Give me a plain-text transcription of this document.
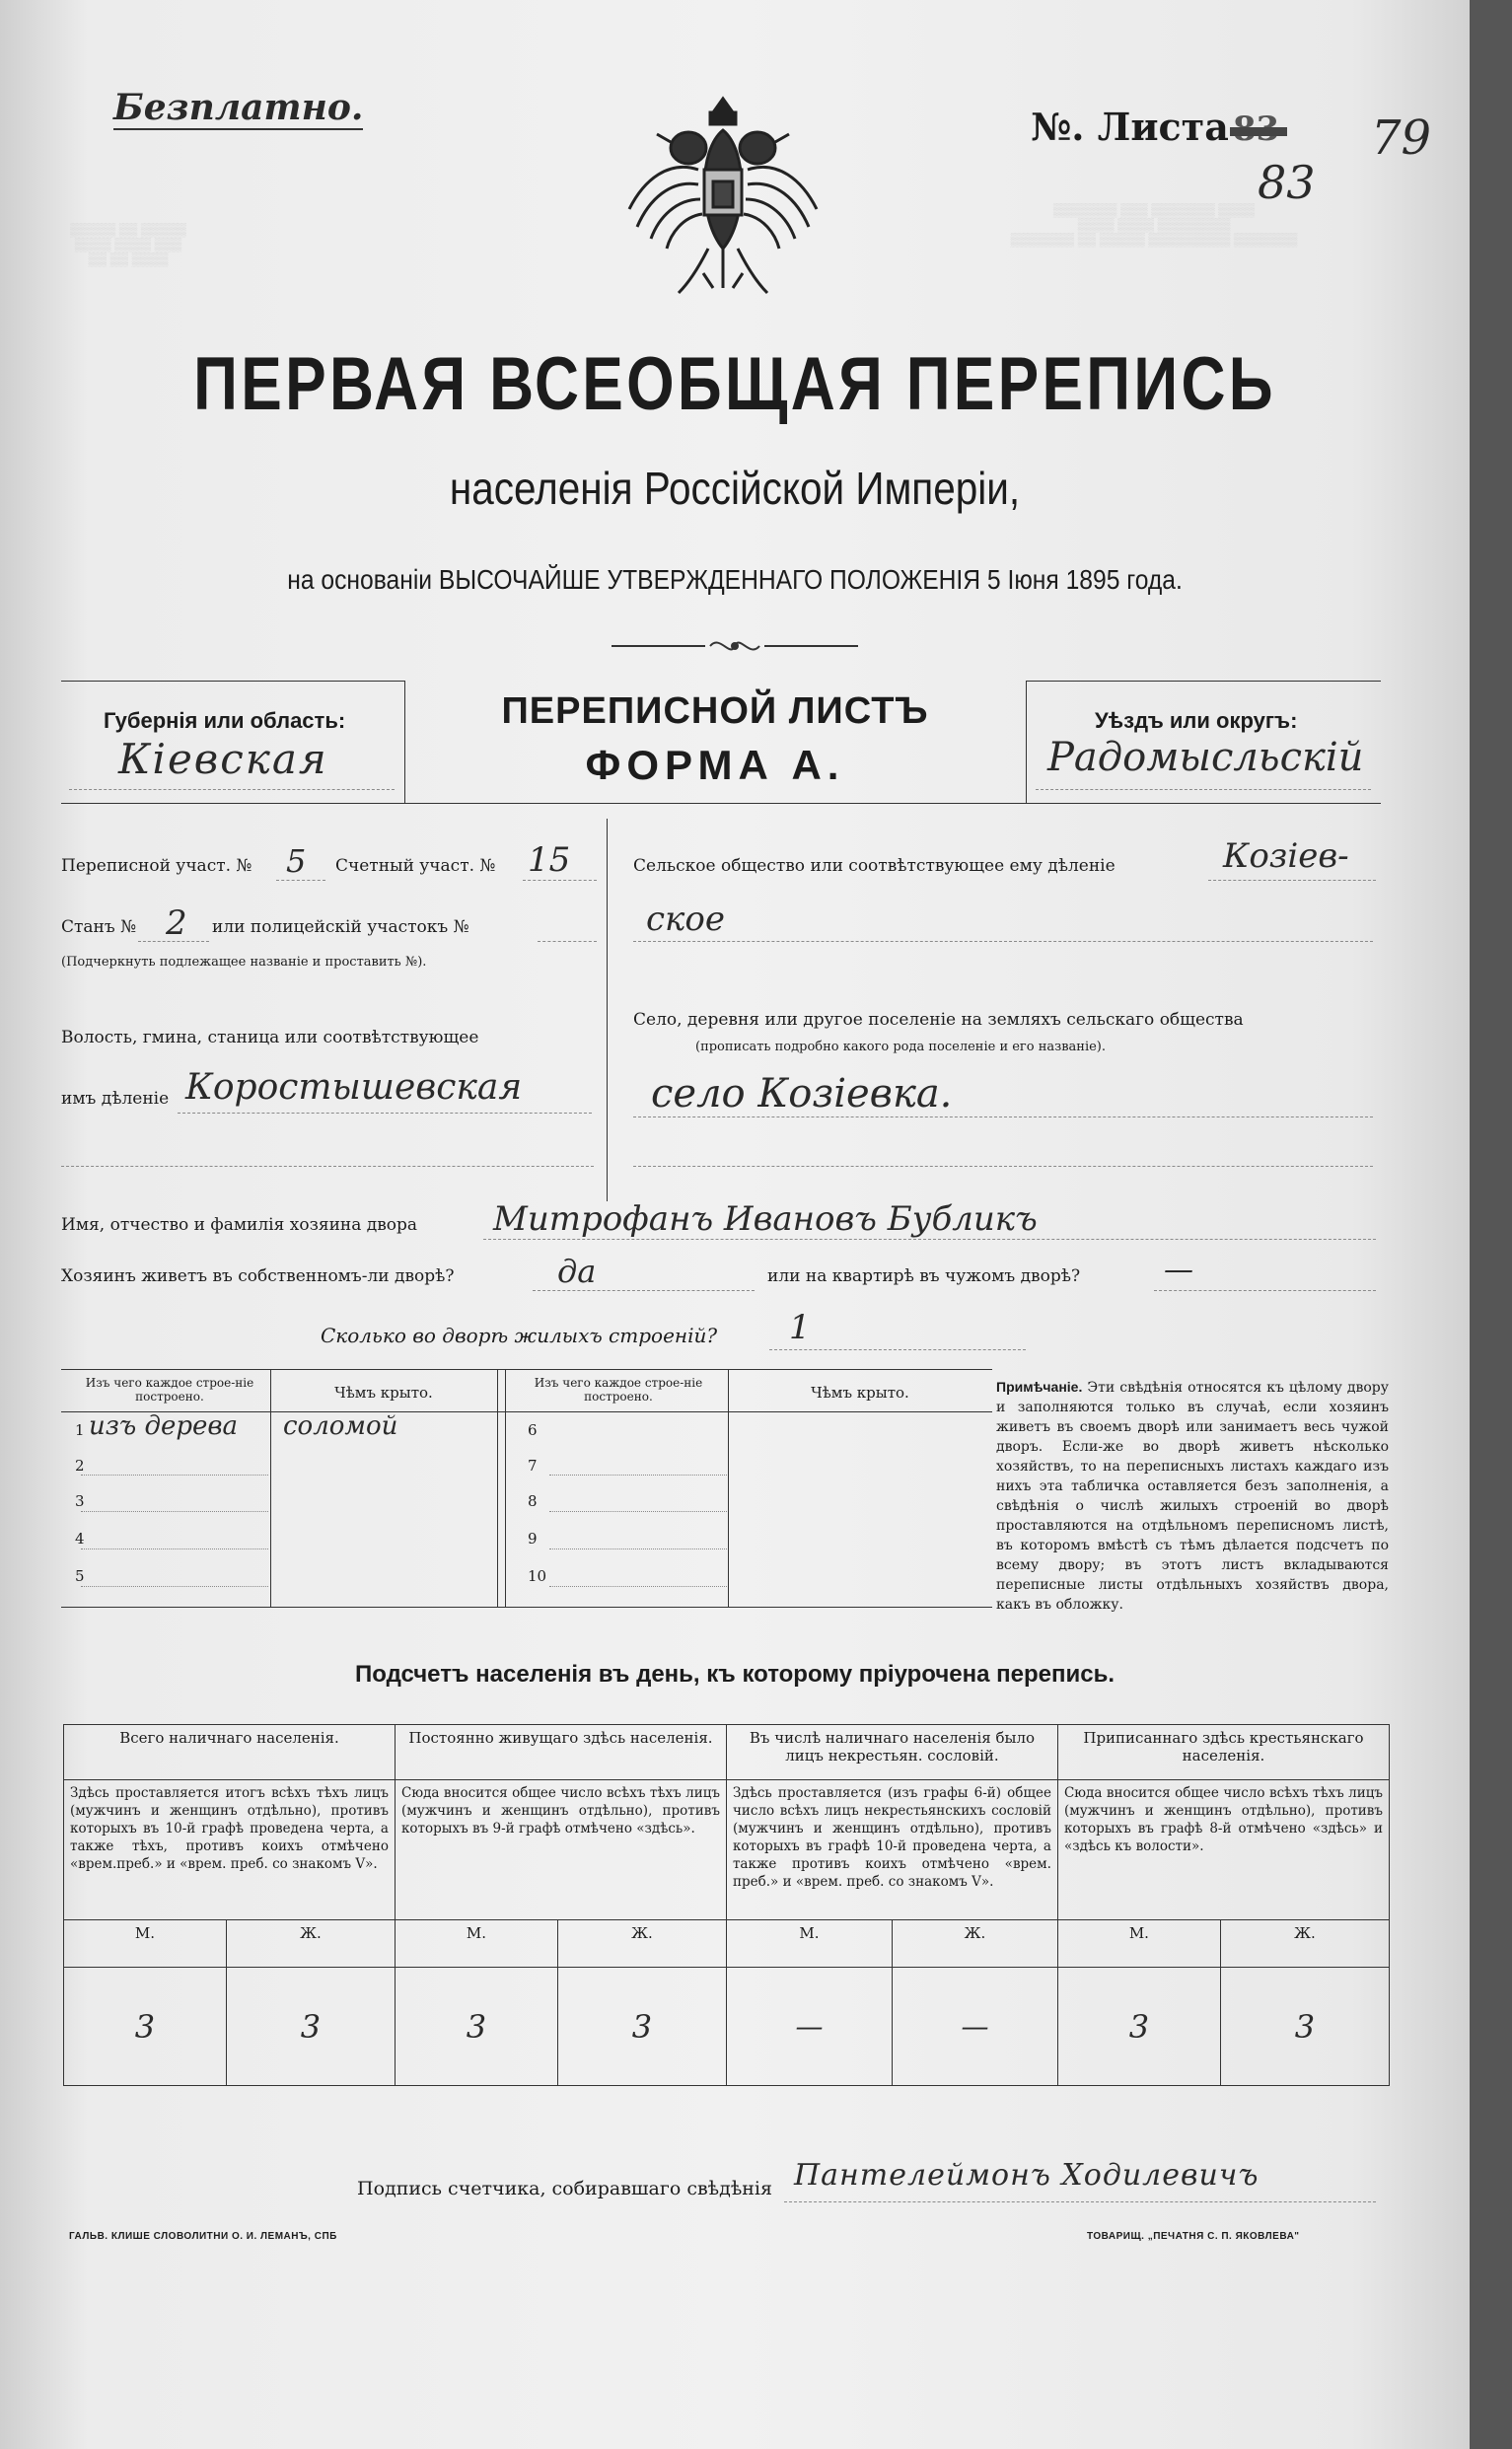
▒▒▒▒▒ ▒▒ ▒▒▒▒▒
▒▒▒▒ ▒▒▒▒ ▒▒▒
▒▒ ▒▒ ▒▒▒▒
▒▒▒▒▒▒▒ ▒▒▒ ▒▒▒▒▒▒▒ ▒▒▒▒
▒▒▒▒ ▒▒▒▒ ▒▒▒▒▒▒▒▒
▒▒▒▒▒▒▒ ▒▒ ▒▒▒▒▒ ▒▒▒▒▒▒▒▒▒ ▒▒▒▒▒▒▒
Безплатно.	№. Листа	79
83
ПЕРВАЯ ВСЕОБЩАЯ ПЕРЕПИСЬ
населенія Россійской Имперіи,
на основаніи ВЫСОЧАЙШЕ УТВЕРЖДЕННАГО ПОЛОЖЕНІЯ 5 Іюня 1895 года.
Губернія или область:
Кіевская
ПЕРЕПИСНОЙ ЛИСТЪ
ФОРМА А.
Уѣздъ или округъ:
Радомысльскій
Переписной участ. № 5 Счетный участ. № 15
Станъ № 2 или полицейскій участокъ №
(Подчеркнуть подлежащее названіе и проставить №).
Волость, гмина, станица или соотвѣтствующее
имъ дѣленіе Коростышевская
Сельское общество или соотвѣтствующее ему дѣленіе	Козіев-
ское
Село, деревня или другое поселеніе на земляхъ сельскаго общества
(прописать подробно какого рода поселеніе и его названіе).
село Козіевка.
Имя, отчество и фамилія хозяина двора Митрофанъ Ивановъ Бубликъ
Хозяинъ живетъ въ собственномъ-ли дворѣ?	да	или на квартирѣ въ чужомъ дворѣ?	—
Сколько во дворѣ жилыхъ строеній? 1
Изъ чего каждое строе-ніе построено.	Чѣмъ крыто.
Изъ чего каждое строе-ніе построено.	Чѣмъ крыто.
1 изъ дерева соломой
2
3
4
5
6
7
8
9
10
Примѣчаніе. Эти свѣдѣнія относятся къ цѣлому двору и заполняются только въ случаѣ, если хозяинъ живетъ въ своемъ дворѣ или занимаетъ весь чужой дворъ. Если-же во дворѣ живетъ нѣсколько хозяйствъ, то на переписныхъ листахъ каждаго изъ нихъ эта табличка оставляется безъ заполненія, а свѣдѣнія о числѣ жилыхъ строеній во дворѣ проставляются на отдѣльномъ переписномъ листѣ, въ которомъ вмѣстѣ съ тѣмъ дѣлается подсчетъ по всему двору; въ этотъ листъ вкладываются переписные листы отдѣльныхъ хозяйствъ двора, какъ въ обложку.
Подсчетъ населенія въ день, къ которому пріурочена перепись.
Всего наличнаго населенія.		Постоянно живущаго здѣсь населенія.		Въ числѣ наличнаго населенія было лицъ некрестьян. сословій.		Приписаннаго здѣсь крестьянскаго населенія.	
Здѣсь проставляется итогъ всѣхъ тѣхъ лицъ (мужчинъ и женщинъ отдѣльно), противъ которыхъ въ 10-й графѣ проведена черта, а также тѣхъ, противъ коихъ отмѣчено «врем.преб.» и «врем. преб. со знакомъ V».		Сюда вносится общее число всѣхъ тѣхъ лицъ (мужчинъ и женщинъ отдѣльно), противъ которыхъ въ 9-й графѣ отмѣчено «здѣсь».		Здѣсь проставляется (изъ графы 6-й) общее число всѣхъ лицъ некрестьянскихъ сословій (мужчинъ и женщинъ отдѣльно), противъ которыхъ въ графѣ 10-й проведена черта, а также противъ коихъ отмѣчено «врем. преб.» и «врем. преб. со знакомъ V».		Сюда вносится общее число всѣхъ тѣхъ лицъ (мужчинъ и женщинъ отдѣльно), противъ которыхъ въ графѣ 8-й отмѣчено «здѣсь» и «здѣсь къ волости».	
М.	Ж.	М.	Ж.	М.	Ж.	М.	Ж.
3	3	3	3	—	—	3	3
Подпись счетчика, собиравшаго свѣдѣнія Пантелеймонъ Ходилевичъ
ГАЛЬВ. КЛИШЕ СЛОВОЛИТНИ О. И. ЛЕМАНЪ, СПБ	ТОВАРИЩ. „ПЕЧАТНЯ С. П. ЯКОВЛЕВА"
